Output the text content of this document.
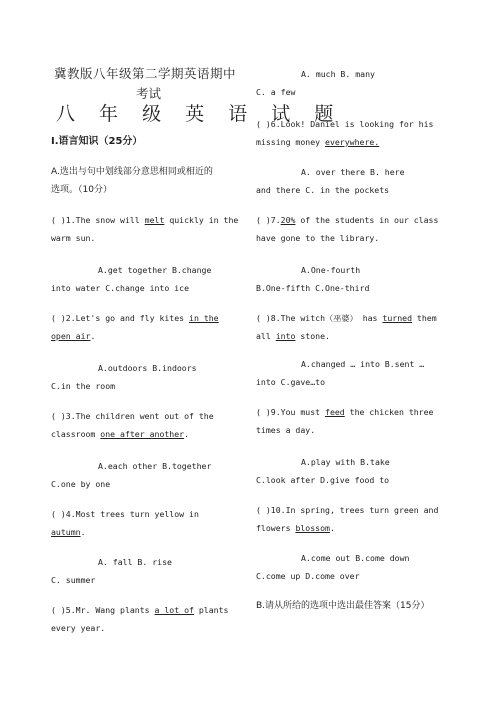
冀教版八年级第二学期英语期中
考试
八 年 级 英 语 试 题
Ⅰ.语言知识（25分）
A.选出与句中划线部分意思相同或相近的
选项。（10分）
( )1.The snow will melt quickly in the
warm sun.
A.get together B.change
into water C.change into ice
( )2.Let's go and fly kites in the
open air.
A.outdoors B.indoors
C.in the room
( )3.The children went out of the
classroom one after another.
A.each other B.together
C.one by one
( )4.Most trees turn yellow in
autumn.
A. fall B. rise
C. summer
( )5.Mr. Wang plants a lot of plants
every year.
A. much B. many
C. a few
( )6.Look! Daniel is looking for his
missing money everywhere.
A. over there B. here
and there C. in the pockets
( )7.20% of the students in our class
have gone to the library.
A.One-fourth
B.One-fifth C.One-third
( )8.The witch（巫婆） has turned them
all into stone.
A.changed … into B.sent …
into C.gave…to
( )9.You must feed the chicken three
times a day.
A.play with B.take
C.look after D.give food to
( )10.In spring, trees turn green and
flowers blossom.
A.come out B.come down
C.come up D.come over
B.请从所给的选项中选出最佳答案（15分）
